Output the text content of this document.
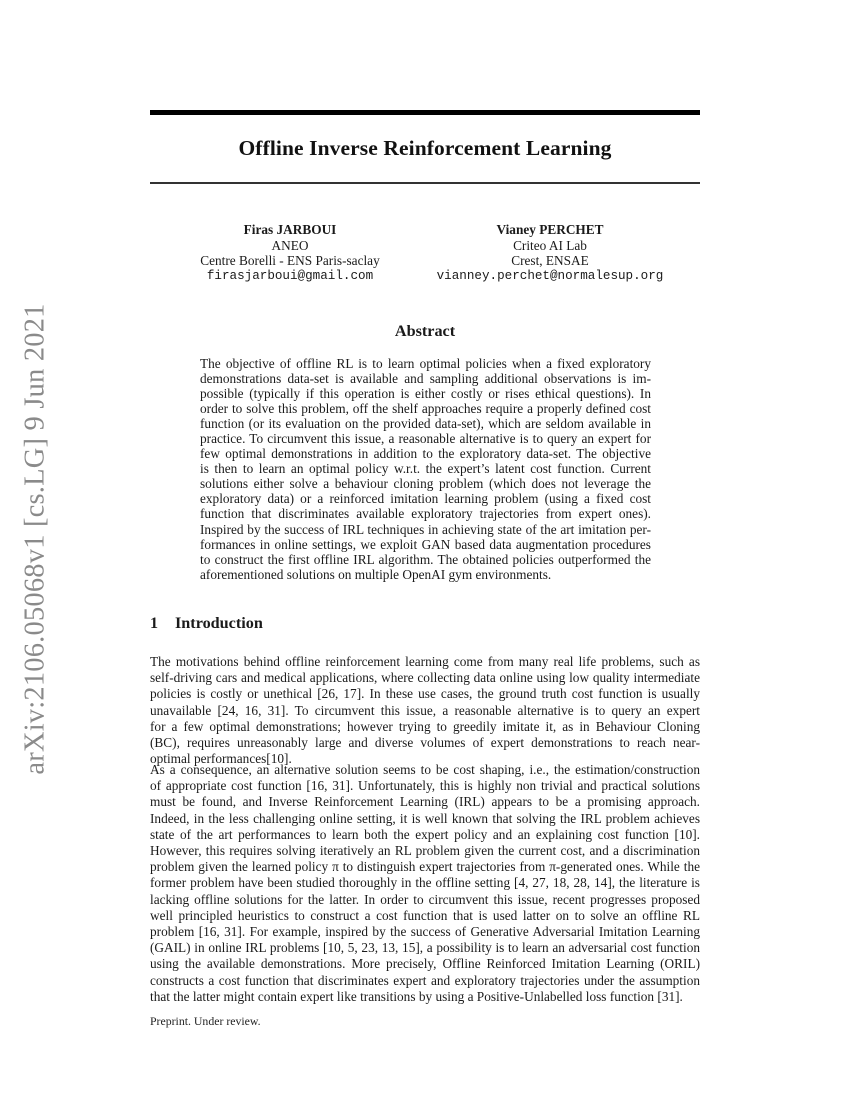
arXiv:2106.05068v1 [cs.LG] 9 Jun 2021
Offline Inverse Reinforcement Learning
Firas JARBOUI
ANEO
Centre Borelli - ENS Paris-saclay
firasjarboui@gmail.com
Vianey PERCHET
Criteo AI Lab
Crest, ENSAE
vianney.perchet@normalesup.org
Abstract
The objective of offline RL is to learn optimal policies when a fixed exploratory
demonstrations data-set is available and sampling additional observations is im-
possible (typically if this operation is either costly or rises ethical questions). In
order to solve this problem, off the shelf approaches require a properly defined cost
function (or its evaluation on the provided data-set), which are seldom available in
practice. To circumvent this issue, a reasonable alternative is to query an expert for
few optimal demonstrations in addition to the exploratory data-set. The objective
is then to learn an optimal policy w.r.t. the expert’s latent cost function. Current
solutions either solve a behaviour cloning problem (which does not leverage the
exploratory data) or a reinforced imitation learning problem (using a fixed cost
function that discriminates available exploratory trajectories from expert ones).
Inspired by the success of IRL techniques in achieving state of the art imitation per-
formances in online settings, we exploit GAN based data augmentation procedures
to construct the first offline IRL algorithm. The obtained policies outperformed the
aforementioned solutions on multiple OpenAI gym environments.
1 Introduction
The motivations behind offline reinforcement learning come from many real life problems, such as
self-driving cars and medical applications, where collecting data online using low quality intermediate
policies is costly or unethical [26, 17]. In these use cases, the ground truth cost function is usually
unavailable [24, 16, 31]. To circumvent this issue, a reasonable alternative is to query an expert
for a few optimal demonstrations; however trying to greedily imitate it, as in Behaviour Cloning
(BC), requires unreasonably large and diverse volumes of expert demonstrations to reach near-
optimal performances[10].
As a consequence, an alternative solution seems to be cost shaping, i.e., the estimation/construction
of appropriate cost function [16, 31]. Unfortunately, this is highly non trivial and practical solutions
must be found, and Inverse Reinforcement Learning (IRL) appears to be a promising approach.
Indeed, in the less challenging online setting, it is well known that solving the IRL problem achieves
state of the art performances to learn both the expert policy and an explaining cost function [10].
However, this requires solving iteratively an RL problem given the current cost, and a discrimination
problem given the learned policy π to distinguish expert trajectories from π-generated ones. While the
former problem have been studied thoroughly in the offline setting [4, 27, 18, 28, 14], the literature is
lacking offline solutions for the latter. In order to circumvent this issue, recent progresses proposed
well principled heuristics to construct a cost function that is used latter on to solve an offline RL
problem [16, 31]. For example, inspired by the success of Generative Adversarial Imitation Learning
(GAIL) in online IRL problems [10, 5, 23, 13, 15], a possibility is to learn an adversarial cost function
using the available demonstrations. More precisely, Offline Reinforced Imitation Learning (ORIL)
constructs a cost function that discriminates expert and exploratory trajectories under the assumption
that the latter might contain expert like transitions by using a Positive-Unlabelled loss function [31].
Preprint. Under review.
